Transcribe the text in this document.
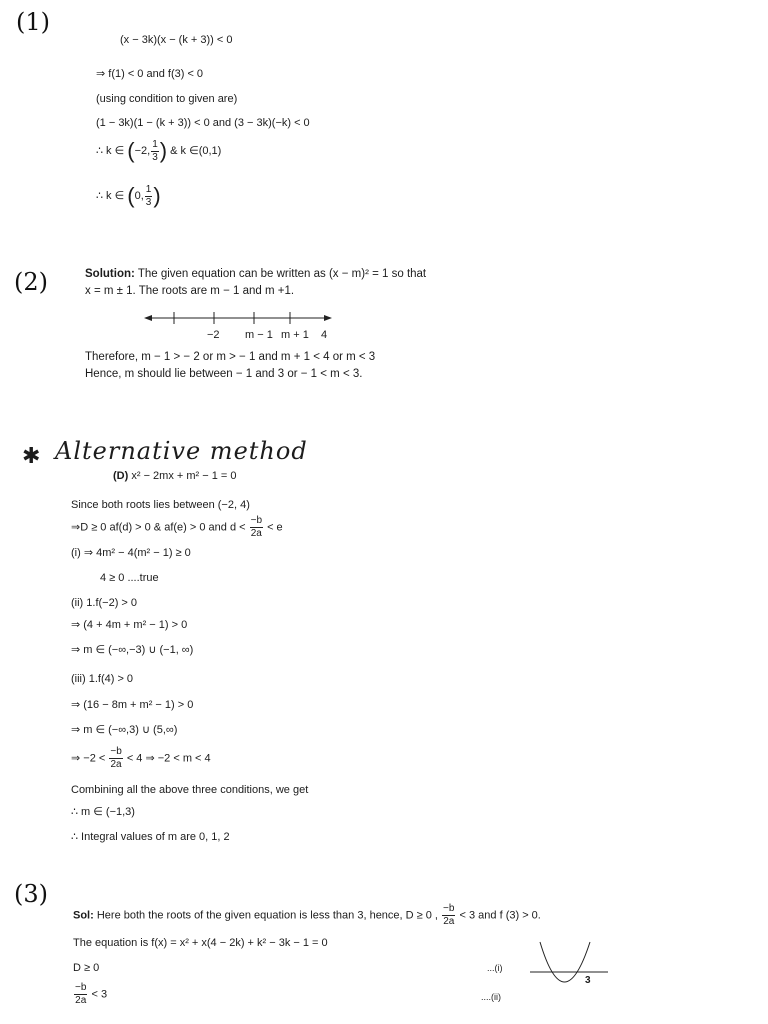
(1)
(x − 3k)(x − (k + 3)) < 0
⇒ f(1) < 0 and f(3) < 0
(using condition to given are)
(1 − 3k)(1 − (k + 3)) < 0 and (3 − 3k)(−k) < 0
∴ k ∈ (−2, $\frac{1}{3}$ ) & k ∈(0,1)
∴ k ∈ (0, $\frac{1}{3}$ )
(2)	Solution: The given equation can be written as (x − m)² = 1 so that
x = m ± 1. The roots are m − 1 and m +1.
−2 m − 1 m + 1 4
Therefore, m − 1 > − 2 or m > − 1 and m + 1 < 4 or m < 3
Hence, m should lie between − 1 and 3 or − 1 < m < 3.
✱ Alternative method
(D) x² − 2mx + m² − 1 = 0
Since both roots lies between (−2, 4)
⇒D ≥ 0 af(d) > 0 & af(e) > 0 and $d < \frac{-b}{2a} < e$
(i) ⇒ 4m² − 4(m² − 1) ≥ 0
4 ≥ 0 ....true
(ii) 1.f(−2) > 0
⇒ (4 + 4m + m² − 1) > 0
⇒ m ∈ (−∞,−3) ∪ (−1, ∞)
(iii) 1.f(4) > 0
⇒ (16 − 8m + m² − 1) > 0
⇒ m ∈ (−∞,3) ∪ (5,∞)
⇒ $-2 < \frac{-b}{2a} < 4$ ⇒ −2 < m < 4
Combining all the above three conditions, we get
∴ m ∈ (−1,3)
∴ Integral values of m are 0, 1, 2
(3)
Sol: Here both the roots of the given equation is less than 3, hence, D ≥ 0 , $\frac{-b}{2a} < 3$ and f (3) > 0.
The equation is f(x) = x² + x(4 − 2k) + k² − 3k − 1 = 0
D ≥ 0	...(i)
$\frac{-b}{2a} < 3$	....(ii)
3
